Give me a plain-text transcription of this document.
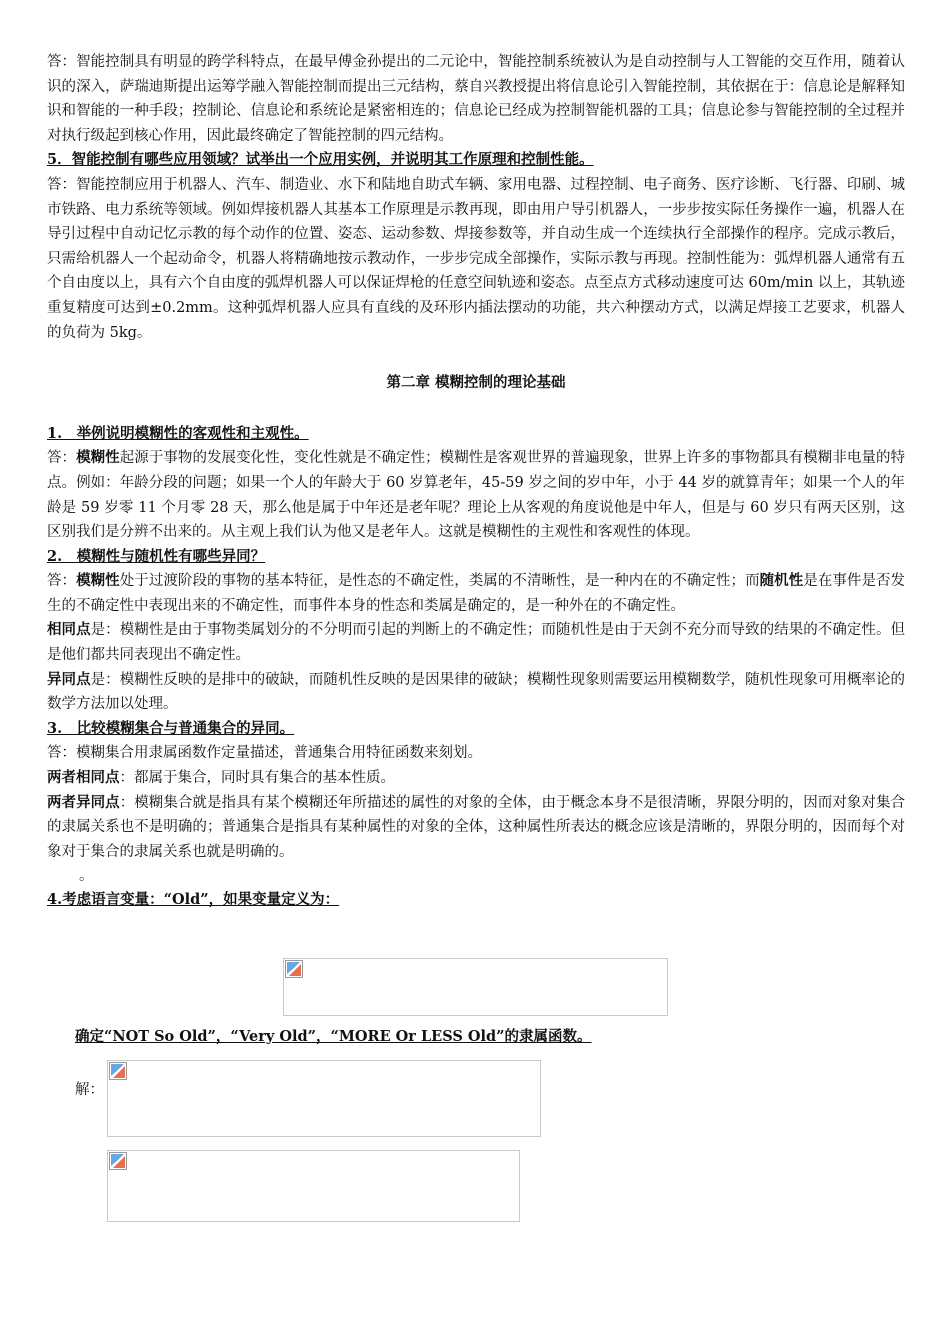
答：智能控制具有明显的跨学科特点，在最早傅金孙提出的二元论中，智能控制系统被认为是自动控制与人工智能的交互作用，随着认识的深入，萨瑞迪斯提出运筹学融入智能控制而提出三元结构，蔡自兴教授提出将信息论引入智能控制，其依据在于：信息论是解释知识和智能的一种手段；控制论、信息论和系统论是紧密相连的；信息论已经成为控制智能机器的工具；信息论参与智能控制的全过程并对执行级起到核心作用，因此最终确定了智能控制的四元结构。

5．智能控制有哪些应用领域？试举出一个应用实例，并说明其工作原理和控制性能。

答：智能控制应用于机器人、汽车、制造业、水下和陆地自助式车辆、家用电器、过程控制、电子商务、医疗诊断、飞行器、印刷、城市铁路、电力系统等领域。例如焊接机器人其基本工作原理是示教再现，即由用户导引机器人，一步步按实际任务操作一遍，机器人在导引过程中自动记忆示教的每个动作的位置、姿态、运动参数、焊接参数等，并自动生成一个连续执行全部操作的程序。完成示教后，只需给机器人一个起动命令，机器人将精确地按示教动作，一步步完成全部操作，实际示教与再现。控制性能为：弧焊机器人通常有五个自由度以上，具有六个自由度的弧焊机器人可以保证焊枪的任意空间轨迹和姿态。点至点方式移动速度可达 60m/min 以上，其轨迹重复精度可达到±0.2mm。这种弧焊机器人应具有直线的及环形内插法摆动的功能，共六种摆动方式，以满足焊接工艺要求，机器人的负荷为 5kg。

第二章 模糊控制的理论基础

1.　举例说明模糊性的客观性和主观性。

答：模糊性起源于事物的发展变化性，变化性就是不确定性；模糊性是客观世界的普遍现象，世界上许多的事物都具有模糊非电量的特点。例如：年龄分段的问题；如果一个人的年龄大于 60 岁算老年，45-59 岁之间的岁中年，小于 44 岁的就算青年；如果一个人的年龄是 59 岁零 11 个月零 28 天，那么他是属于中年还是老年呢？理论上从客观的角度说他是中年人，但是与 60 岁只有两天区别，这区别我们是分辨不出来的。从主观上我们认为他又是老年人。这就是模糊性的主观性和客观性的体现。

2.　模糊性与随机性有哪些异同？

答：模糊性处于过渡阶段的事物的基本特征，是性态的不确定性，类属的不清晰性，是一种内在的不确定性；而随机性是在事件是否发生的不确定性中表现出来的不确定性，而事件本身的性态和类属是确定的，是一种外在的不确定性。

相同点是：模糊性是由于事物类属划分的不分明而引起的判断上的不确定性；而随机性是由于天剑不充分而导致的结果的不确定性。但是他们都共同表现出不确定性。

异同点是：模糊性反映的是排中的破缺，而随机性反映的是因果律的破缺；模糊性现象则需要运用模糊数学，随机性现象可用概率论的数学方法加以处理。

3.　比较模糊集合与普通集合的异同。

答：模糊集合用隶属函数作定量描述，普通集合用特征函数来刻划。

两者相同点：都属于集合，同时具有集合的基本性质。

两者异同点：模糊集合就是指具有某个模糊还年所描述的属性的对象的全体，由于概念本身不是很清晰，界限分明的，因而对象对集合的隶属关系也不是明确的；普通集合是指具有某种属性的对象的全体，这种属性所表达的概念应该是清晰的，界限分明的，因而每个对象对于集合的隶属关系也就是明确的。

。

4.考虑语言变量：“Old”，如果变量定义为：

确定“NOT So Old”，“Very Old”，“MORE Or LESS Old”的隶属函数。
解：
